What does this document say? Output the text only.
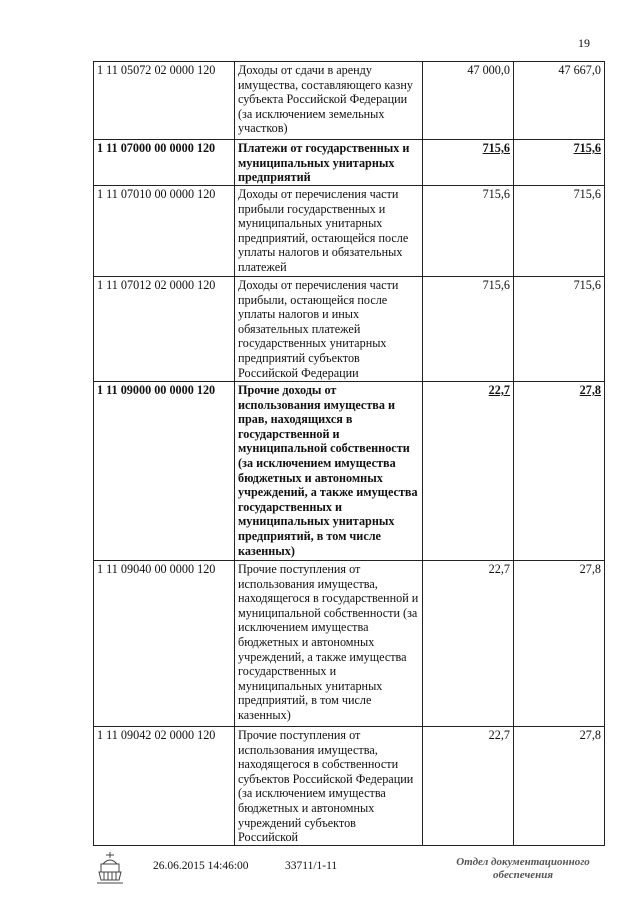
19
1 11 05072 02 0000 120	Доходы от сдачи в аренду имущества, составляющего казну субъекта Российской Федерации (за исключением земельных участков)	47 000,0	47 667,0
1 11 07000 00 0000 120	Платежи от государственных и муниципальных унитарных предприятий	715,6	715,6
1 11 07010 00 0000 120	Доходы от перечисления части прибыли государственных и муниципальных унитарных предприятий, остающейся после уплаты налогов и обязательных платежей	715,6	715,6
1 11 07012 02 0000 120	Доходы от перечисления части прибыли, остающейся после уплаты налогов и иных обязательных платежей государственных унитарных предприятий субъектов Российской Федерации	715,6	715,6
1 11 09000 00 0000 120	Прочие доходы от использования имущества и прав, находящихся в государственной и муниципальной собственности (за исключением имущества бюджетных и автономных учреждений, а также имущества государственных и муниципальных унитарных предприятий, в том числе казенных)	22,7	27,8
1 11 09040 00 0000 120	Прочие поступления от использования имущества, находящегося в государственной и муниципальной собственности (за исключением имущества бюджетных и автономных учреждений, а также имущества государственных и муниципальных унитарных предприятий, в том числе казенных)	22,7	27,8
1 11 09042 02 0000 120	Прочие поступления от использования имущества, находящегося в собственности субъектов Российской Федерации (за исключением имущества бюджетных и автономных учреждений субъектов Российской	22,7	27,8
26.06.2015 14:46:00	33711/1-11	Отдел документационного обеспечения
